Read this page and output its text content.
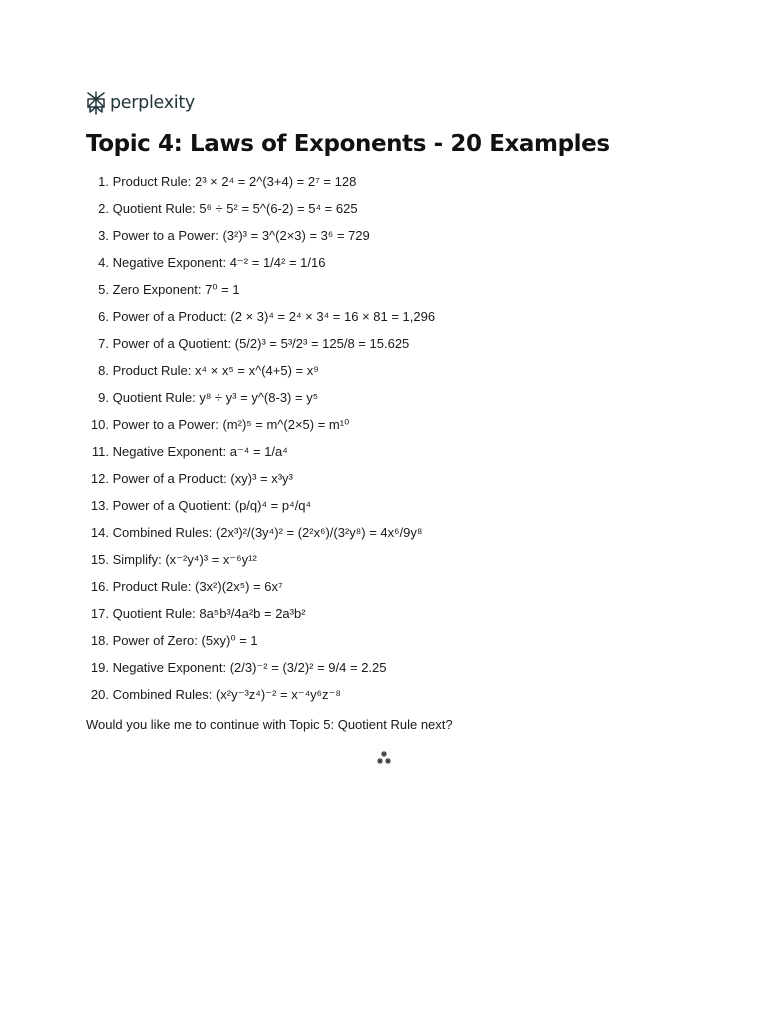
perplexity
Topic 4: Laws of Exponents - 20 Examples
1 .
Product Rule: 2³ × 2⁴ = 2^(3+4) = 2⁷ = 128
2 .
Quotient Rule: 5⁶ ÷ 5² = 5^(6-2) = 5⁴ = 625
3 .
Power to a Power: (3²)³ = 3^(2×3) = 3⁶ = 729
4 .
Negative Exponent: 4⁻² = 1/4² = 1/16
5 .
Zero Exponent: 7⁰ = 1
6 .
Power of a Product: (2 × 3)⁴ = 2⁴ × 3⁴ = 16 × 81 = 1,296
7 .
Power of a Quotient: (5/2)³ = 5³/2³ = 125/8 = 15.625
8 .
Product Rule: x⁴ × x⁵ = x^(4+5) = x⁹
9 .
Quotient Rule: y⁸ ÷ y³ = y^(8-3) = y⁵
10 .
Power to a Power: (m²)⁵ = m^(2×5) = m¹⁰
11 .
Negative Exponent: a⁻⁴ = 1/a⁴
12 .
Power of a Product: (xy)³ = x³y³
13 .
Power of a Quotient: (p/q)⁴ = p⁴/q⁴
14 .
Combined Rules: (2x³)²/(3y⁴)² = (2²x⁶)/(3²y⁸) = 4x⁶/9y⁸
15 .
Simplify: (x⁻²y⁴)³ = x⁻⁶y¹²
16 .
Product Rule: (3x²)(2x⁵) = 6x⁷
17 .
Quotient Rule: 8a⁵b³/4a²b = 2a³b²
18 .
Power of Zero: (5xy)⁰ = 1
19 .
Negative Exponent: (2/3)⁻² = (3/2)² = 9/4 = 2.25
20 .
Combined Rules: (x²y⁻³z⁴)⁻² = x⁻⁴y⁶z⁻⁸

Would you like me to continue with Topic 5: Quotient Rule next?
